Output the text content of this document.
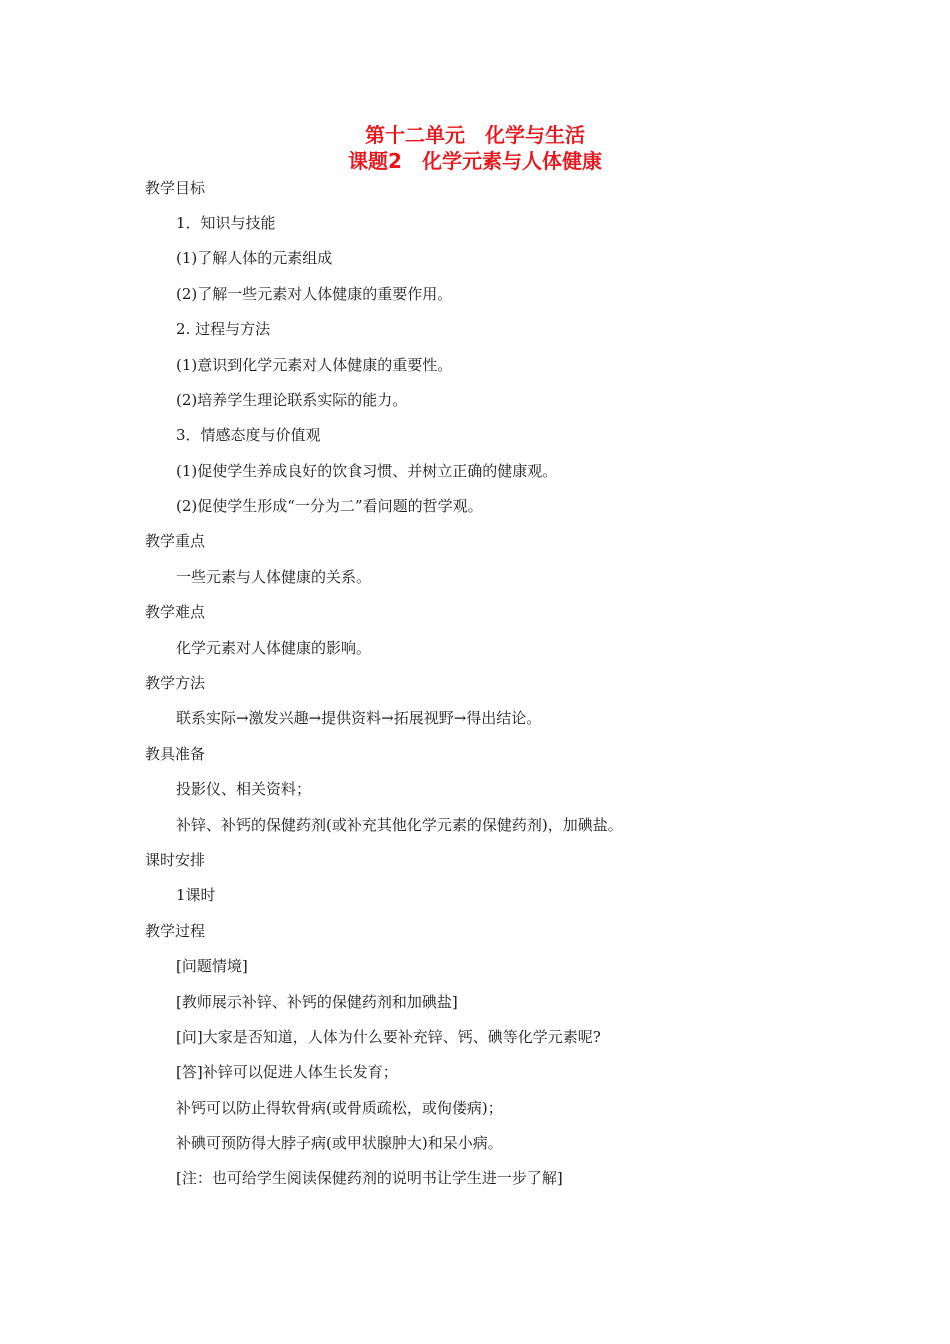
第十二单元　化学与生活
课题2　化学元素与人体健康
教学目标
1．知识与技能
(1)了解人体的元素组成
(2)了解一些元素对人体健康的重要作用。
2. 过程与方法
(1)意识到化学元素对人体健康的重要性。
(2)培养学生理论联系实际的能力。
3．情感态度与价值观
(1)促使学生养成良好的饮食习惯、并树立正确的健康观。
(2)促使学生形成“一分为二”看问题的哲学观。
教学重点
一些元素与人体健康的关系。
教学难点
化学元素对人体健康的影响。
教学方法
联系实际→激发兴趣→提供资料→拓展视野→得出结论。
教具准备
投影仪、相关资料；
补锌、补钙的保健药剂(或补充其他化学元素的保健药剂)，加碘盐。
课时安排
1课时
教学过程
[问题情境]
[教师展示补锌、补钙的保健药剂和加碘盐]
[问]大家是否知道，人体为什么要补充锌、钙、碘等化学元素呢?
[答]补锌可以促进人体生长发育；
补钙可以防止得软骨病(或骨质疏松，或佝偻病)；
补碘可预防得大脖子病(或甲状腺肿大)和呆小病。
[注：也可给学生阅读保健药剂的说明书让学生进一步了解]
